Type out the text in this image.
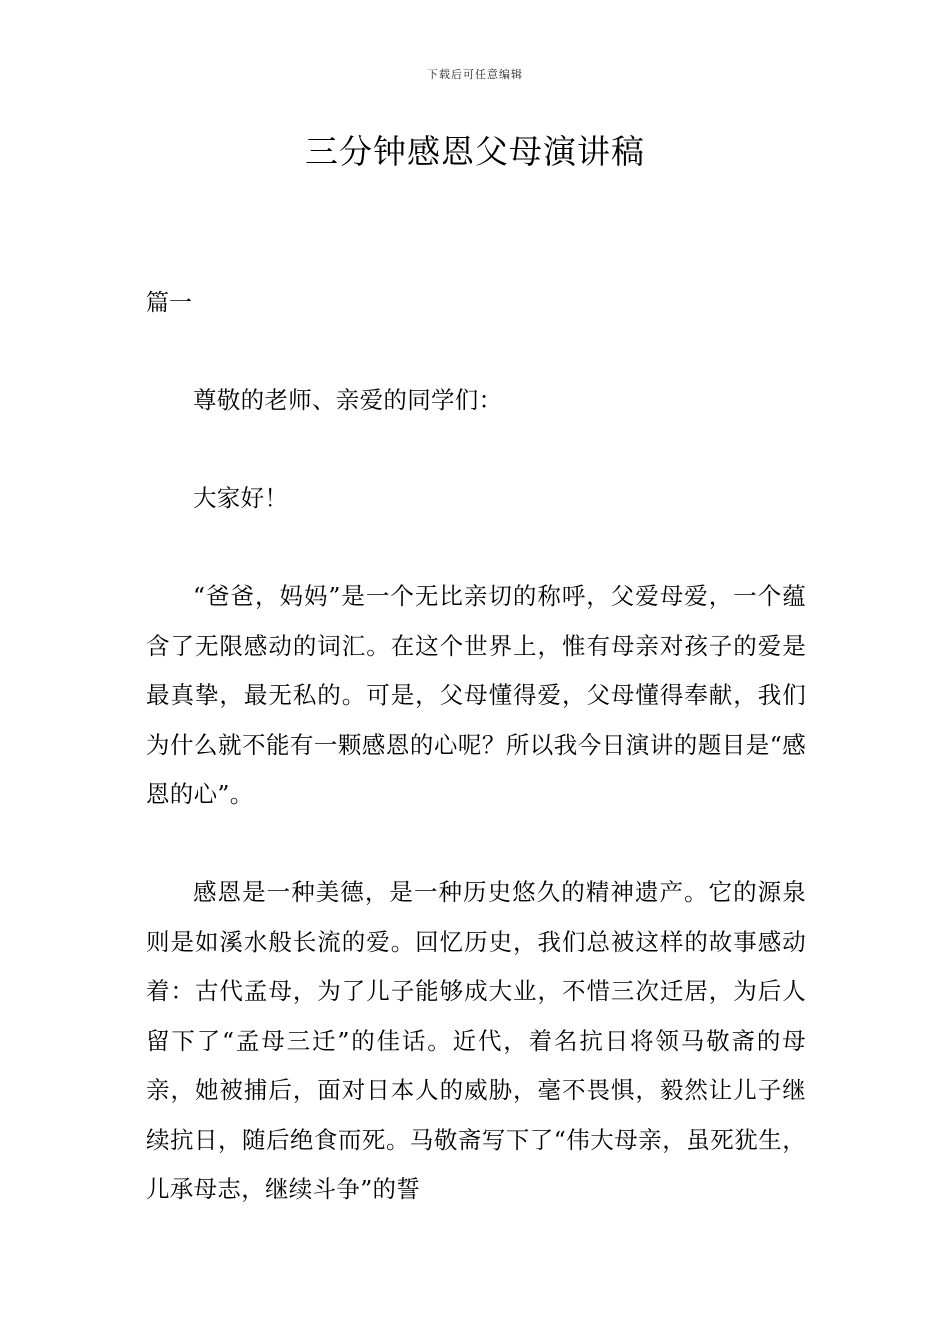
下载后可任意编辑
三分钟感恩父母演讲稿
篇一

尊敬的老师、亲爱的同学们：

大家好！

“爸爸，妈妈”是一个无比亲切的称呼，父爱母爱，一个蕴含了无限感动的词汇。在这个世界上，惟有母亲对孩子的爱是最真挚，最无私的。可是，父母懂得爱，父母懂得奉献，我们为什么就不能有一颗感恩的心呢？所以我今日演讲的题目是“感恩的心”。

感恩是一种美德，是一种历史悠久的精神遗产。它的源泉则是如溪水般长流的爱。回忆历史，我们总被这样的故事感动着：古代孟母，为了儿子能够成大业，不惜三次迁居，为后人留下了“孟母三迁”的佳话。近代，着名抗日将领马敬斋的母亲，她被捕后，面对日本人的威胁，毫不畏惧，毅然让儿子继续抗日，随后绝食而死。马敬斋写下了“伟大母亲，虽死犹生，儿承母志，继续斗争”的誓
